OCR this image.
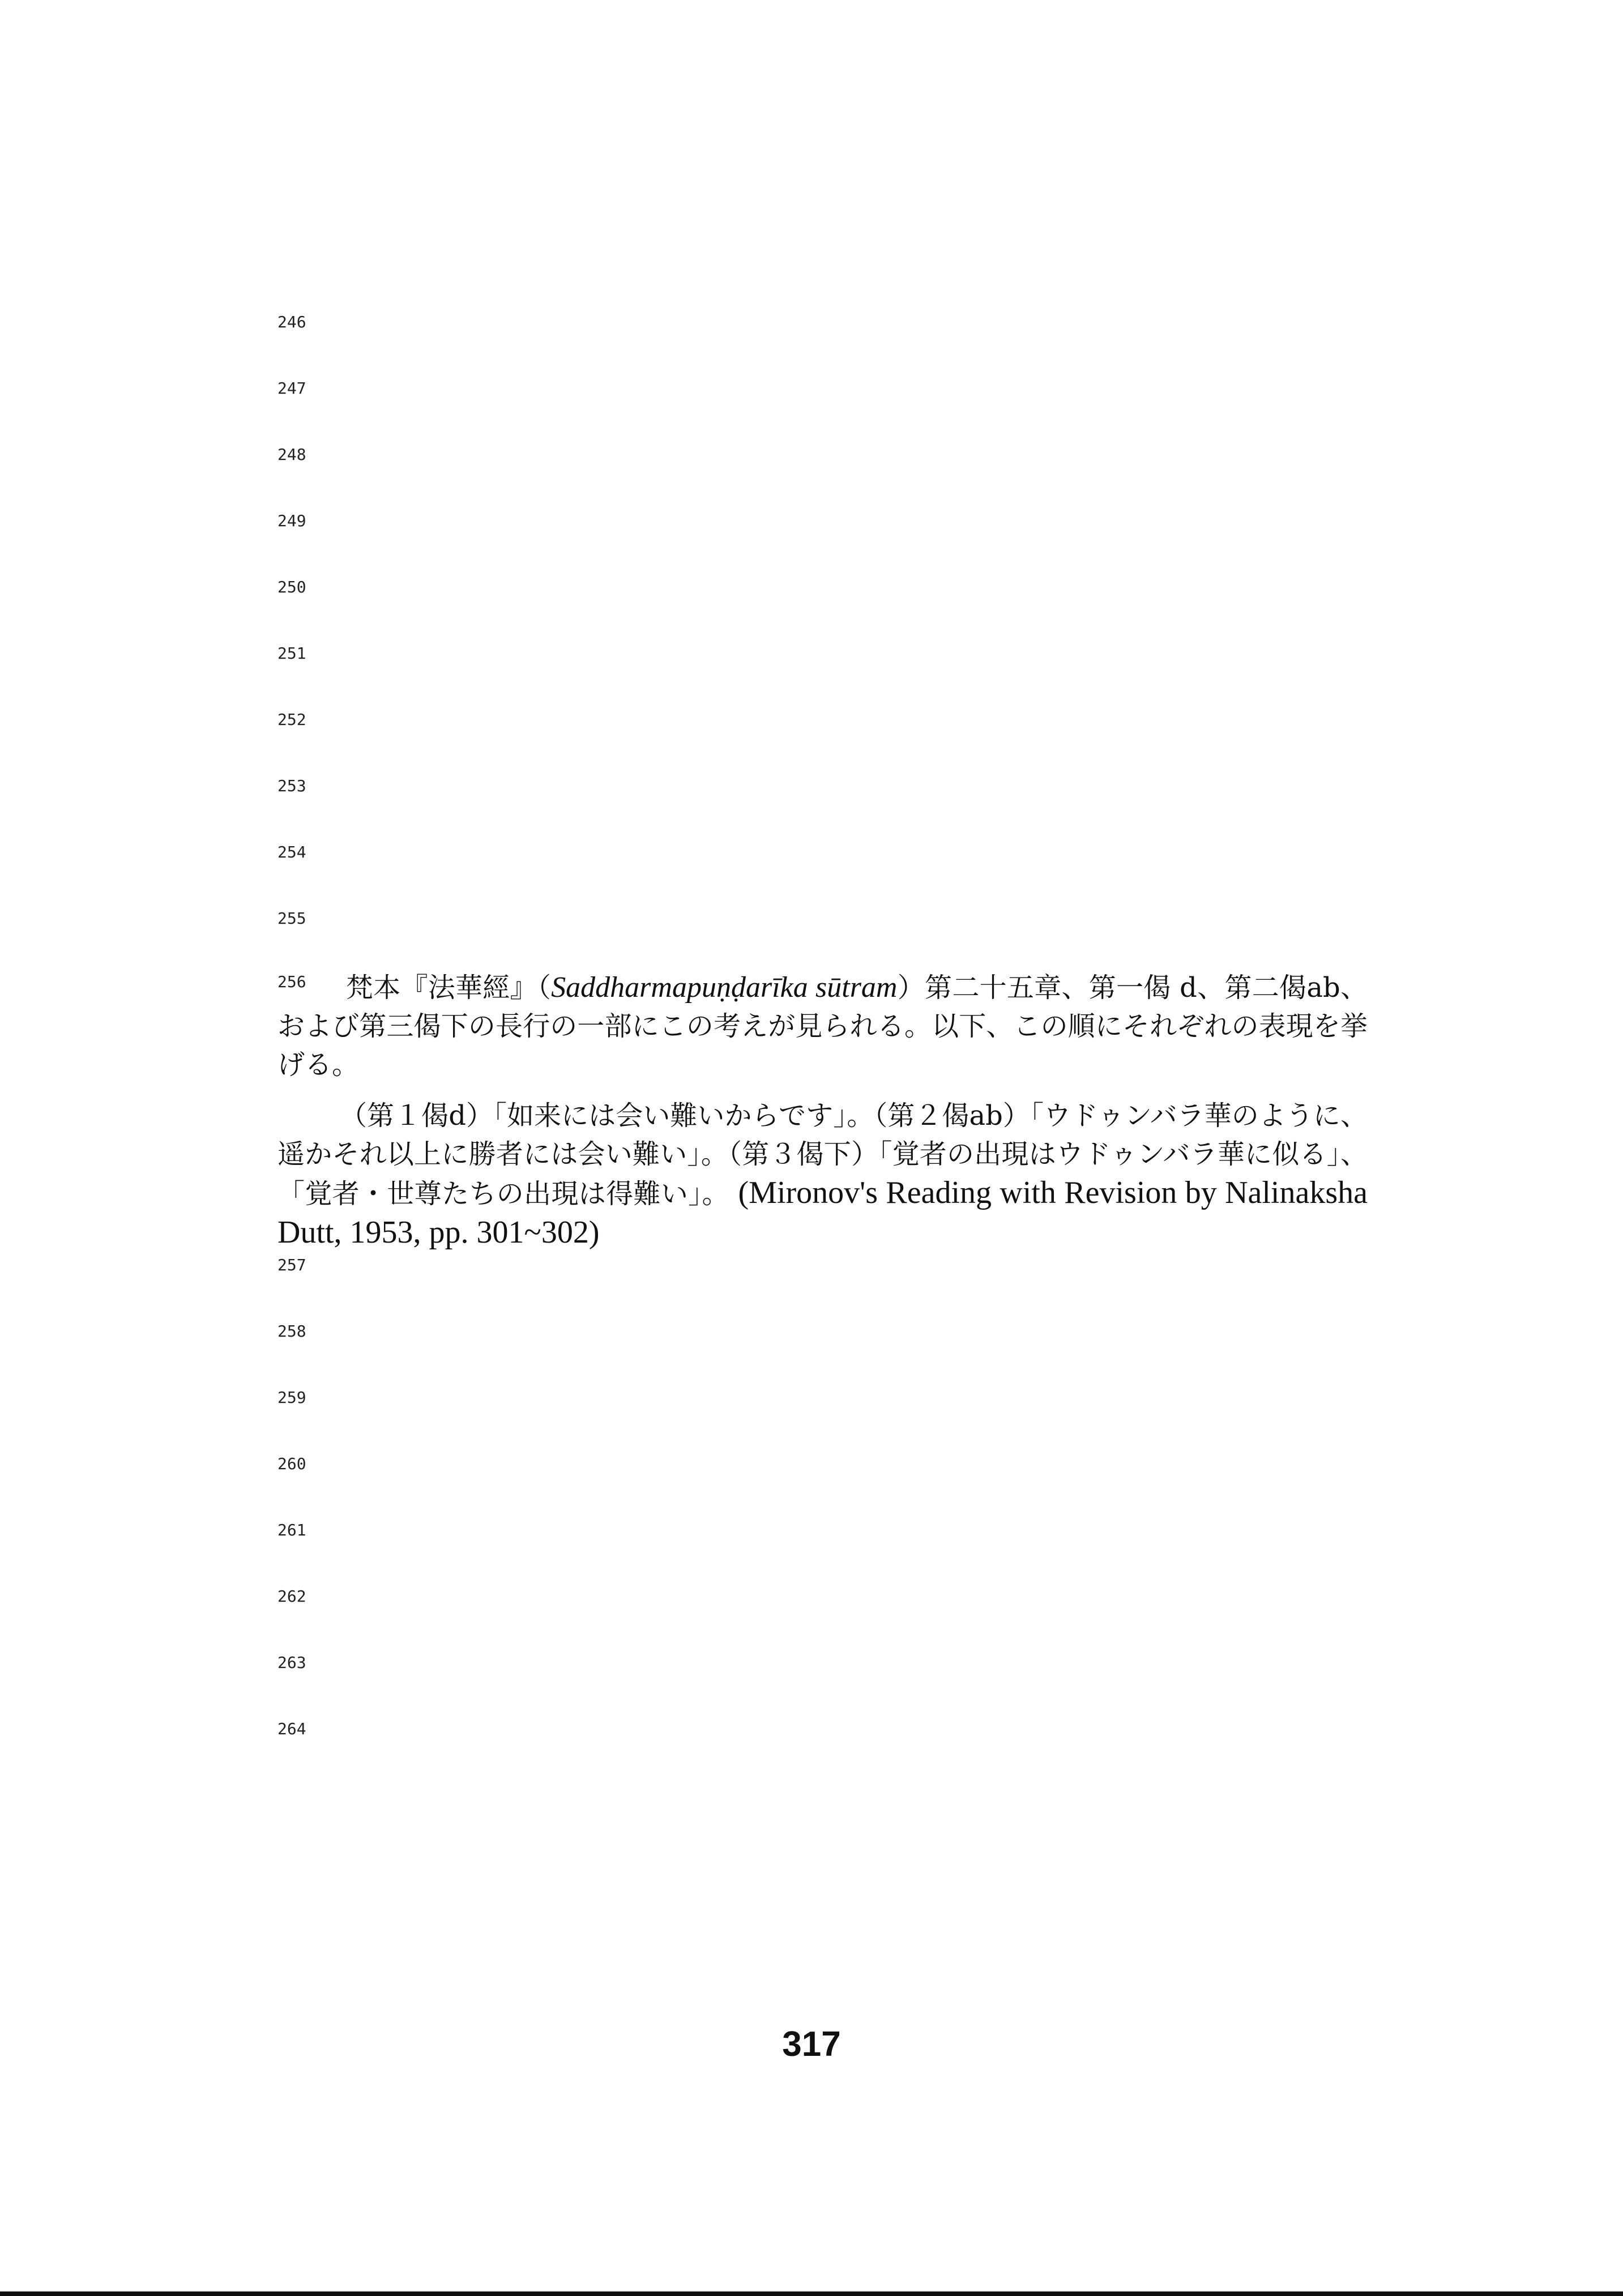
246
247
248
249
250
251
252
253
254
255

$^{256}$ 梵本『法華經』（Saddharmapuṇḍarīka sūtram）第二十五章、第一偈 d、第二偈ab、および第三偈下の長行の一部にこの考えが見られる。以下、この順にそれぞれの表現を挙げる。

（第１偈d）「如来には会い難いからです」。（第２偈ab）「ウドゥンバラ華のように、遥かそれ以上に勝者には会い難い」。（第３偈下）「覚者の出現はウドゥンバラ華に似る」、「覚者・世尊たちの出現は得難い」。 (Mironov's Reading with Revision by Nalinaksha Dutt, 1953, pp. 301~302)

257
258
259
260
261
262
263
264
317
